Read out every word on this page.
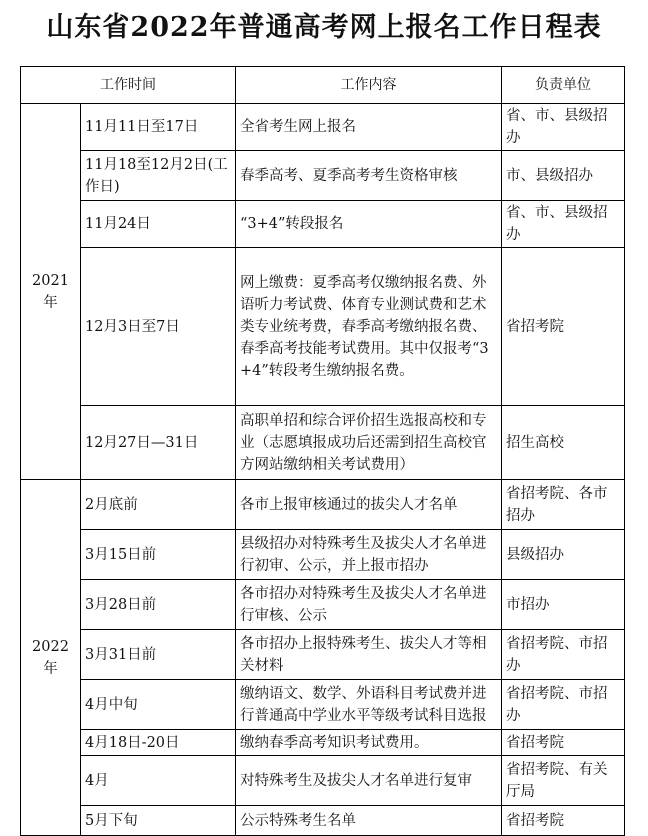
山东省2022年普通高考网上报名工作日程表
工作时间		工作内容	负责单位
2021年	11月11日至17日	全省考生网上报名	省、市、县级招办
	11月18至12月2日(工作日)	春季高考、夏季高考考生资格审核	市、县级招办
	11月24日	“3+4”转段报名	省、市、县级招办
	12月3日至7日	网上缴费：夏季高考仅缴纳报名费、外语听力考试费、体育专业测试费和艺术类专业统考费，春季高考缴纳报名费、春季高考技能考试费用。其中仅报考“3+4”转段考生缴纳报名费。	省招考院
	12月27日—31日	高职单招和综合评价招生选报高校和专业（志愿填报成功后还需到招生高校官方网站缴纳相关考试费用）	招生高校
2022年	2月底前	各市上报审核通过的拔尖人才名单	省招考院、各市招办
	3月15日前	县级招办对特殊考生及拔尖人才名单进行初审、公示，并上报市招办	县级招办
	3月28日前	各市招办对特殊考生及拔尖人才名单进行审核、公示	市招办
	3月31日前	各市招办上报特殊考生、拔尖人才等相关材料	省招考院、市招办
	4月中旬	缴纳语文、数学、外语科目考试费并进行普通高中学业水平等级考试科目选报	省招考院、市招办
	4月18日-20日	缴纳春季高考知识考试费用。	省招考院
	4月	对特殊考生及拔尖人才名单进行复审	省招考院、有关厅局
	5月下旬	公示特殊考生名单	省招考院
